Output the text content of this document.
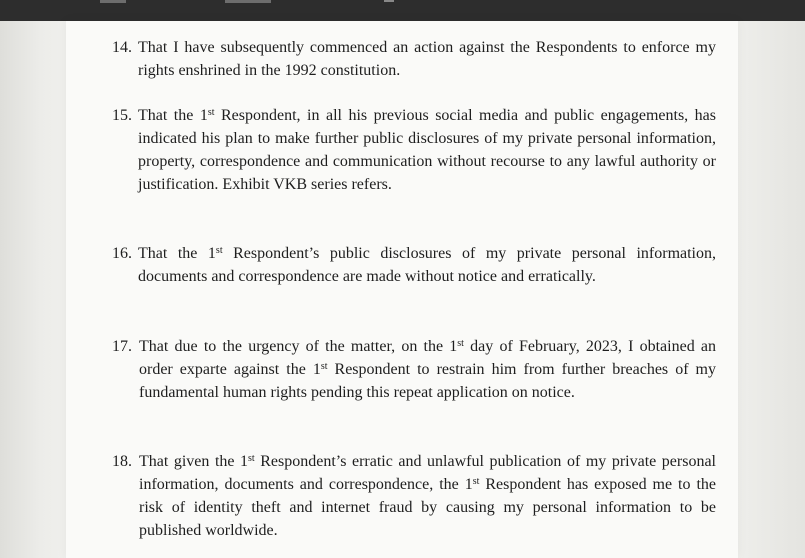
14. That I have subsequently commenced an action against the Respondents to enforce my rights enshrined in the 1992 constitution.

15. That the 1st Respondent, in all his previous social media and public engagements, has indicated his plan to make further public disclosures of my private personal information, property, correspondence and communication without recourse to any lawful authority or justification. Exhibit VKB series refers.

16. That the 1st Respondent’s public disclosures of my private personal information, documents and correspondence are made without notice and erratically.

17. That due to the urgency of the matter, on the 1st day of February, 2023, I obtained an order exparte against the 1st Respondent to restrain him from further breaches of my fundamental human rights pending this repeat application on notice.

18. That given the 1st Respondent’s erratic and unlawful publication of my private personal information, documents and correspondence, the 1st Respondent has exposed me to the risk of identity theft and internet fraud by causing my personal information to be published worldwide.
